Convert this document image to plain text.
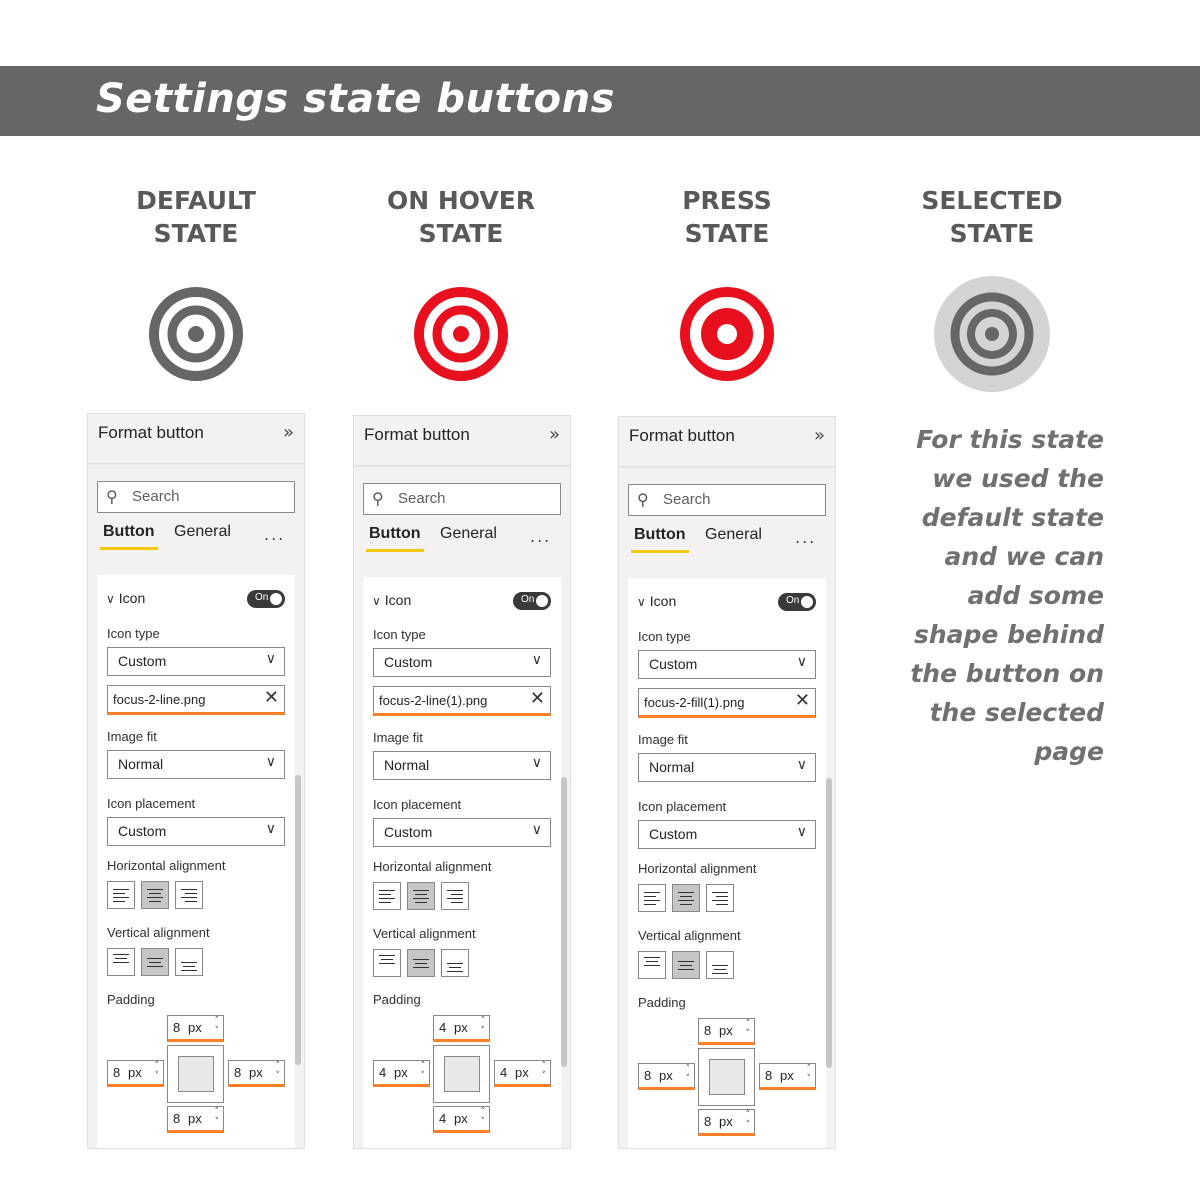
Settings state buttons
DEFAULT
STATE
ON HOVER
STATE
PRESS
STATE
SELECTED
STATE
Format button	»
⚲ Search
Button General ...
∨ Icon	On
Icon type
Custom	∨
focus-2-line.png	✕
Image fit
Normal	∨
Icon placement
Custom	∨
Horizontal alignment
Vertical alignment
Padding
8 px ˄
˅
8 px ˄
˅	8 px ˄
˅
8 px ˄
˅
Format button	»
⚲ Search
Button General ...
∨ Icon	On
Icon type
Custom	∨
focus-2-line(1).png ✕
Image fit
Normal	∨
Icon placement
Custom	∨
Horizontal alignment
Vertical alignment
Padding
4 px ˄
˅
4 px ˄
˅	4 px ˄
˅
4 px ˄
˅
Format button	»
⚲ Search
Button General ...
∨ Icon	On
Icon type
Custom	∨
focus-2-fill(1).png	✕
Image fit
Normal	∨
Icon placement
Custom	∨
Horizontal alignment
Vertical alignment
Padding
8 px ˄
˅
8 px ˄
˅	8 px ˄
˅
8 px ˄
˅
For this state
we used the
default state
and we can
add some
shape behind
the button on
the selected
page
